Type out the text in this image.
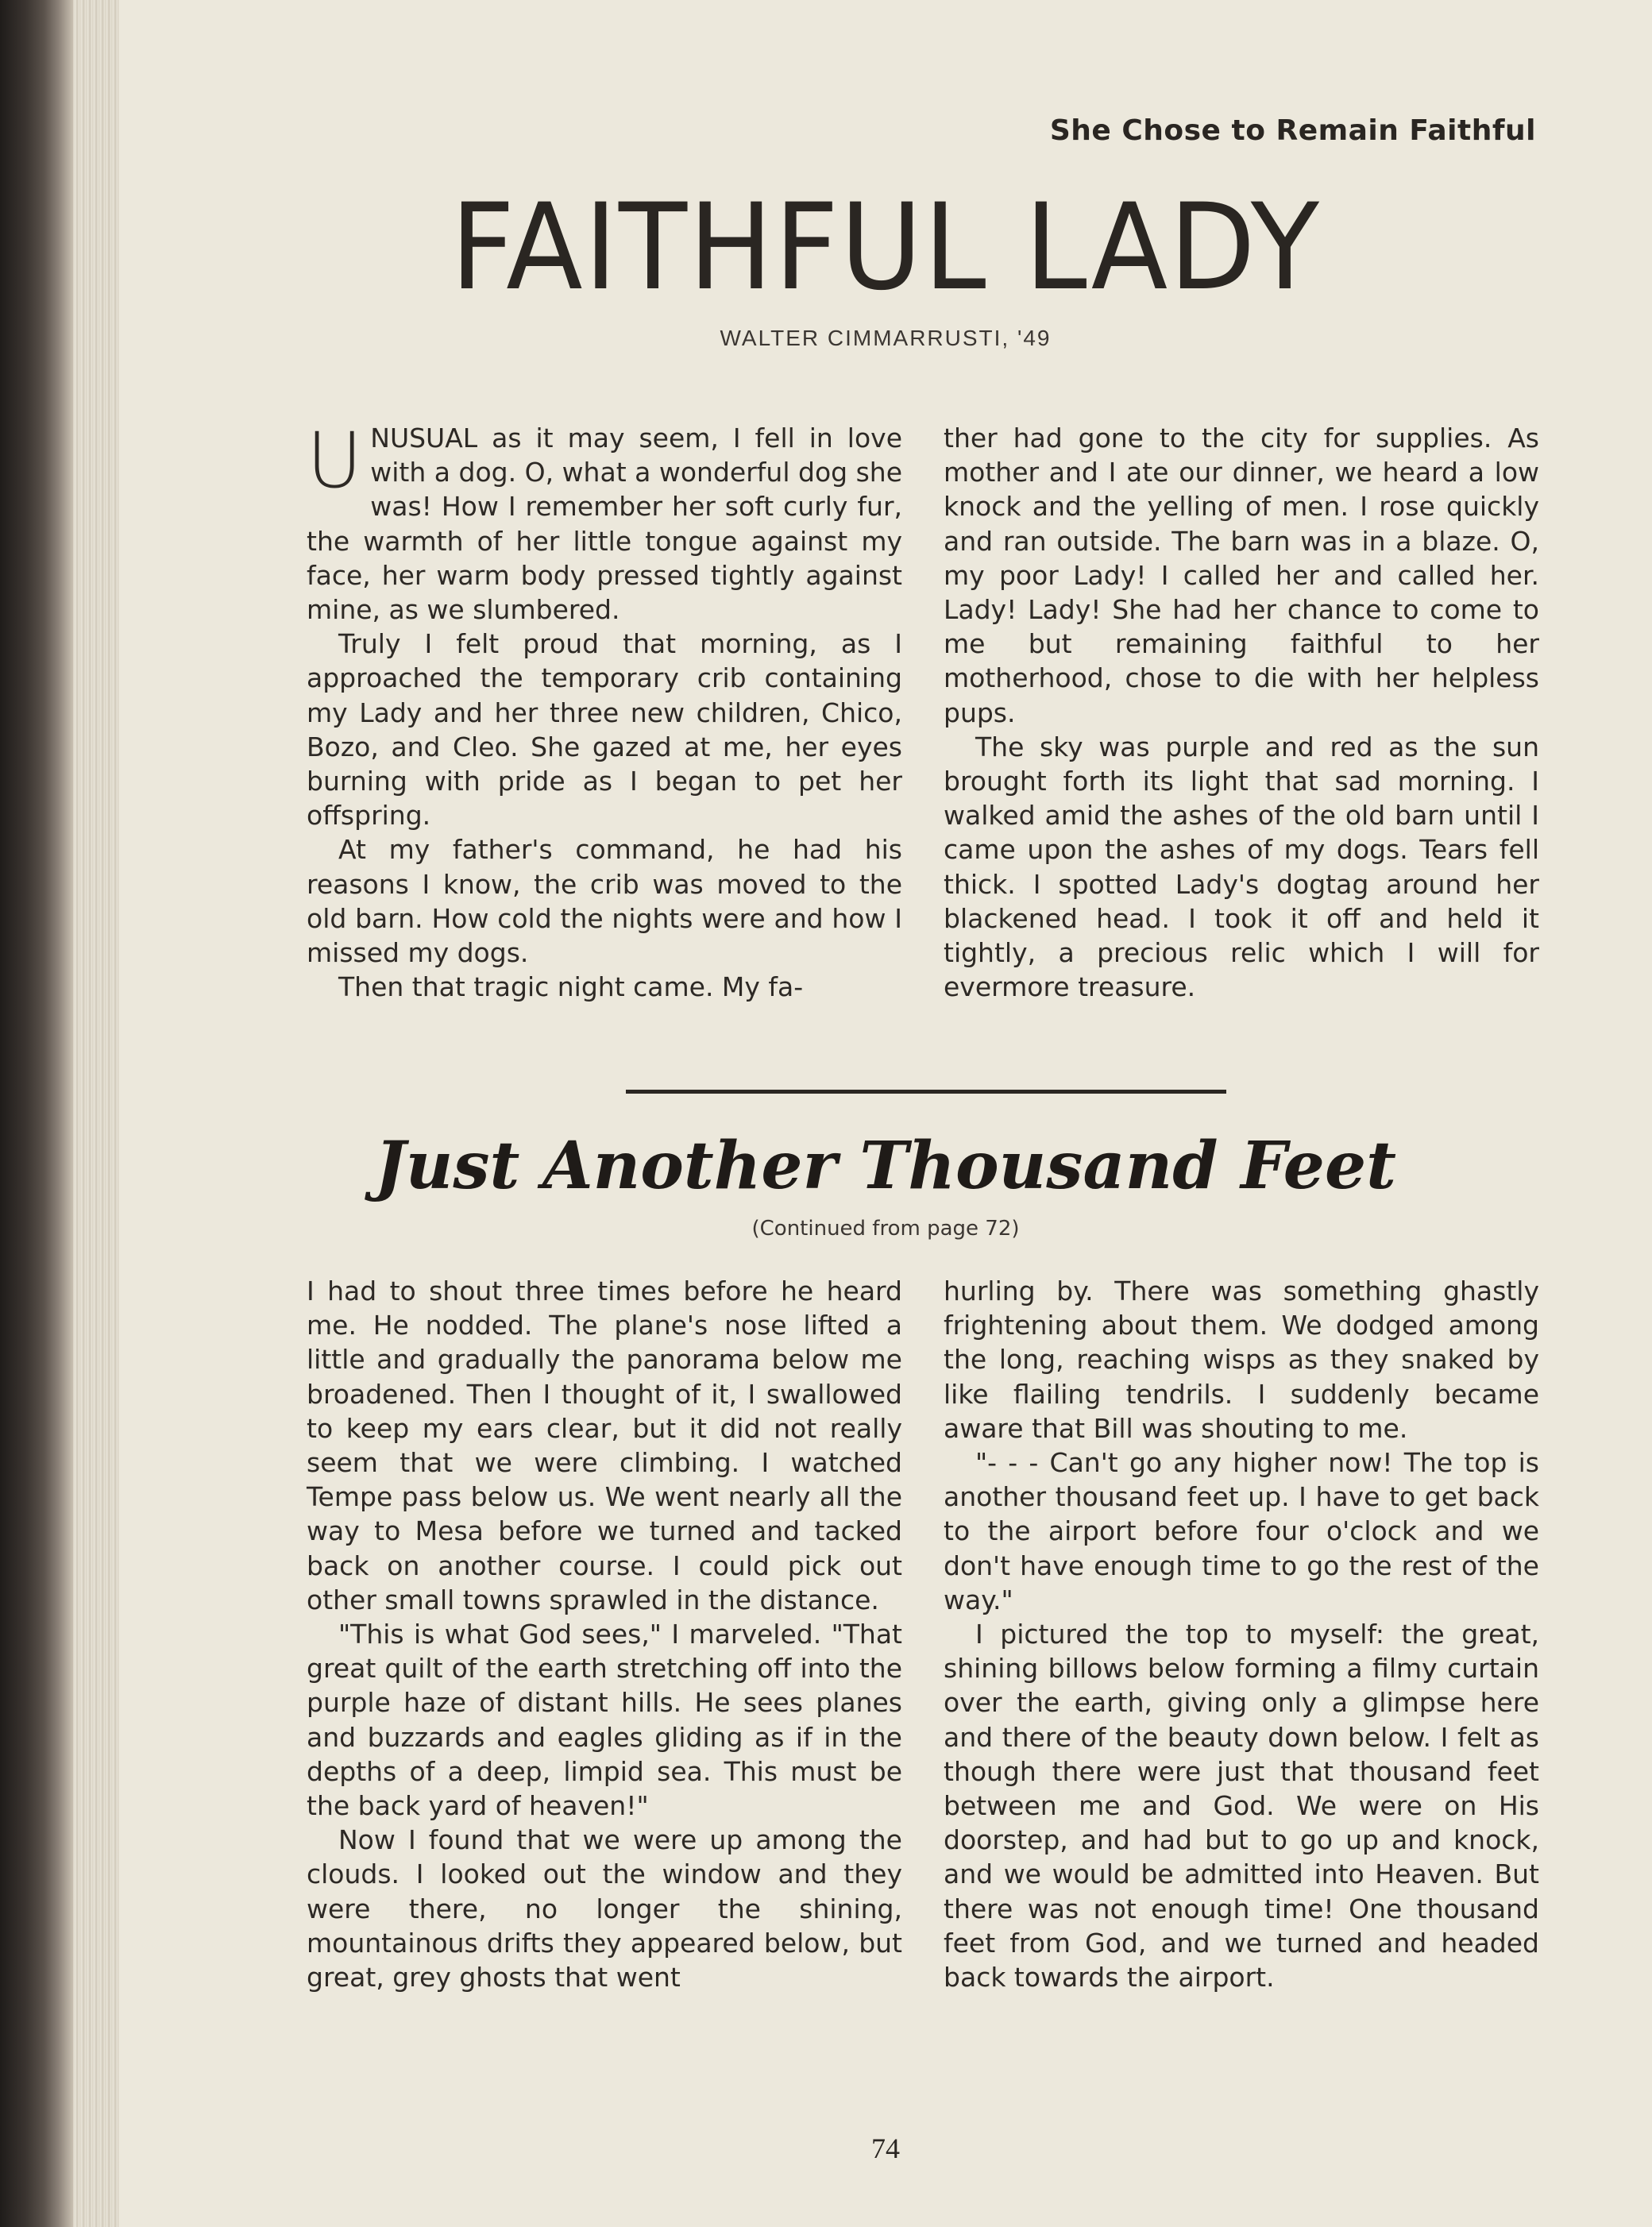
She Chose to Remain Faithful
FAITHFUL LADY
WALTER CIMMARRUSTI, '49

UNUSUAL as it may seem, I fell in love with a dog. O, what a wonderful dog she was! How I remember her soft curly fur, the warmth of her little tongue against my face, her warm body pressed tightly against mine, as we slumbered.

Truly I felt proud that morning, as I approached the temporary crib containing my Lady and her three new children, Chico, Bozo, and Cleo. She gazed at me, her eyes burning with pride as I began to pet her offspring.

At my father's command, he had his reasons I know, the crib was moved to the old barn. How cold the nights were and how I missed my dogs.

Then that tragic night came. My fa-

ther had gone to the city for supplies. As mother and I ate our dinner, we heard a low knock and the yelling of men. I rose quickly and ran outside. The barn was in a blaze. O, my poor Lady! I called her and called her. Lady! Lady! She had her chance to come to me but remaining faithful to her motherhood, chose to die with her helpless pups.

The sky was purple and red as the sun brought forth its light that sad morning. I walked amid the ashes of the old barn until I came upon the ashes of my dogs. Tears fell thick. I spotted Lady's dogtag around her blackened head. I took it off and held it tightly, a precious relic which I will for evermore treasure.

Just Another Thousand Feet
(Continued from page 72)

I had to shout three times before he heard me. He nodded. The plane's nose lifted a little and gradually the panorama below me broadened. Then I thought of it, I swallowed to keep my ears clear, but it did not really seem that we were climbing. I watched Tempe pass below us. We went nearly all the way to Mesa before we turned and tacked back on another course. I could pick out other small towns sprawled in the distance.

"This is what God sees," I marveled. "That great quilt of the earth stretching off into the purple haze of distant hills. He sees planes and buzzards and eagles gliding as if in the depths of a deep, limpid sea. This must be the back yard of heaven!"

Now I found that we were up among the clouds. I looked out the window and they were there, no longer the shining, mountainous drifts they appeared below, but great, grey ghosts that went

hurling by. There was something ghastly frightening about them. We dodged among the long, reaching wisps as they snaked by like flailing tendrils. I suddenly became aware that Bill was shouting to me.

"- - - Can't go any higher now! The top is another thousand feet up. I have to get back to the airport before four o'clock and we don't have enough time to go the rest of the way."

I pictured the top to myself: the great, shining billows below forming a filmy curtain over the earth, giving only a glimpse here and there of the beauty down below. I felt as though there were just that thousand feet between me and God. We were on His doorstep, and had but to go up and knock, and we would be admitted into Heaven. But there was not enough time! One thousand feet from God, and we turned and headed back towards the airport.

74
